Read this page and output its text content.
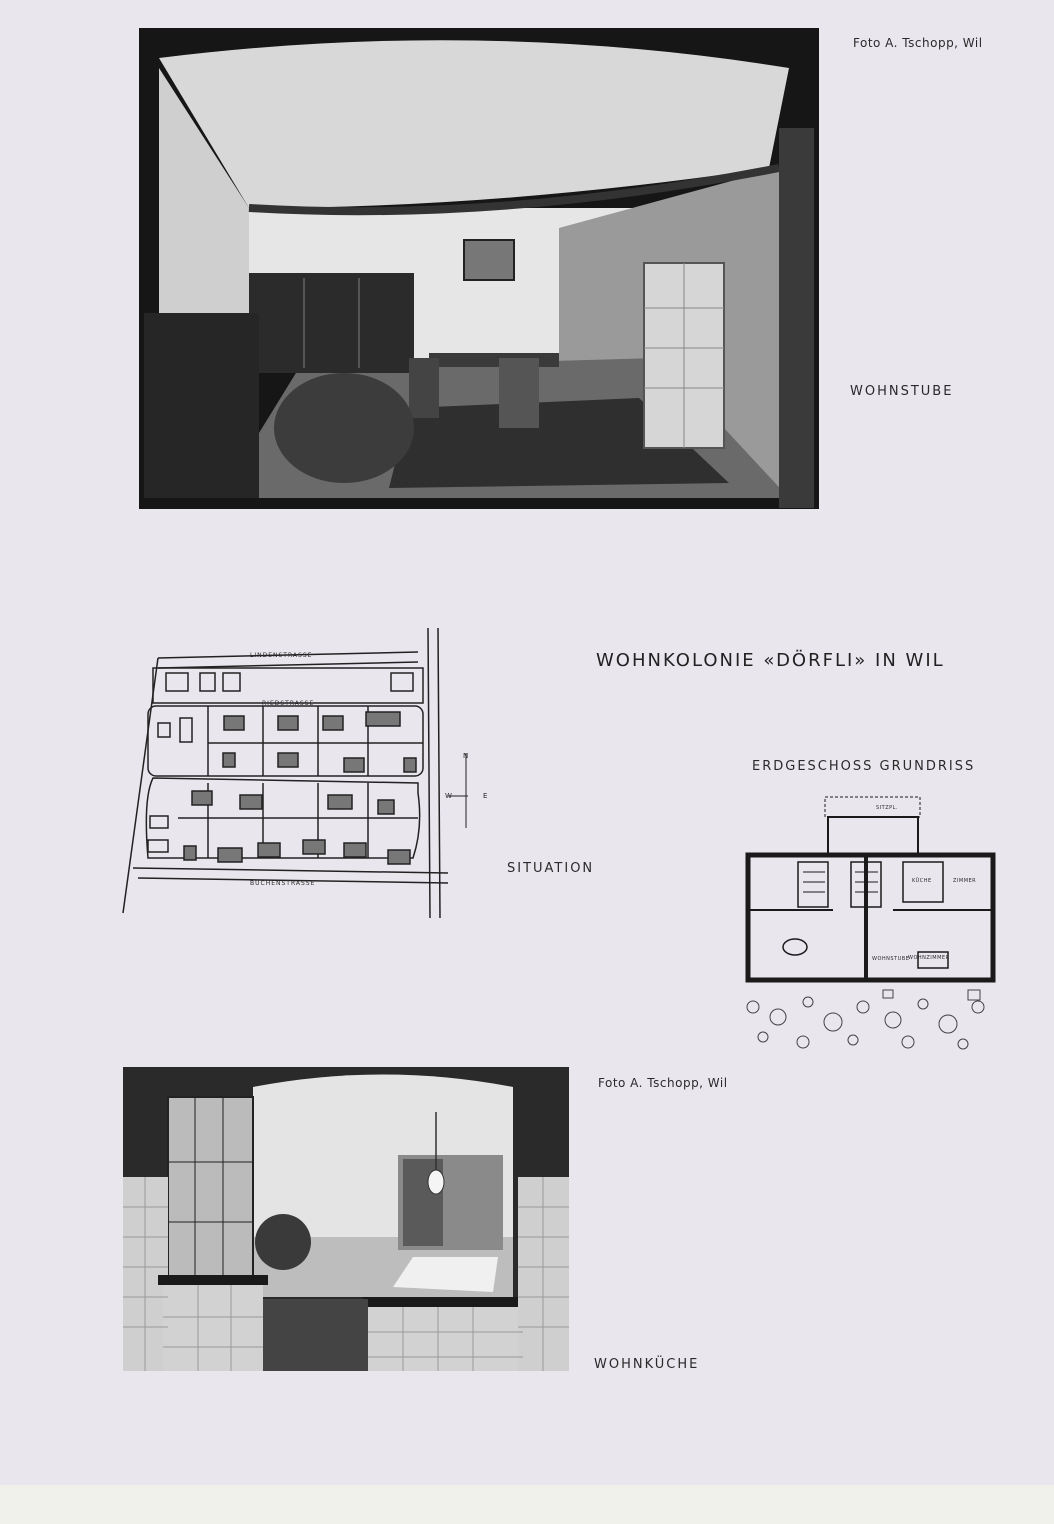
Foto A. Tschopp, Wil
WOHNSTUBE
WOHNKOLONIE «DÖRFLI» IN WIL
LINDENSTRASSE
RIEDSTRASSE
BUCHENSTRASSE
N
W	E
SITUATION
ERDGESCHOSS GRUNDRISS
SITZPL.
KÜCHE	ZIMMER
WOHNSTUBE
WOHNZIMMER
Foto A. Tschopp, Wil
WOHNKÜCHE
